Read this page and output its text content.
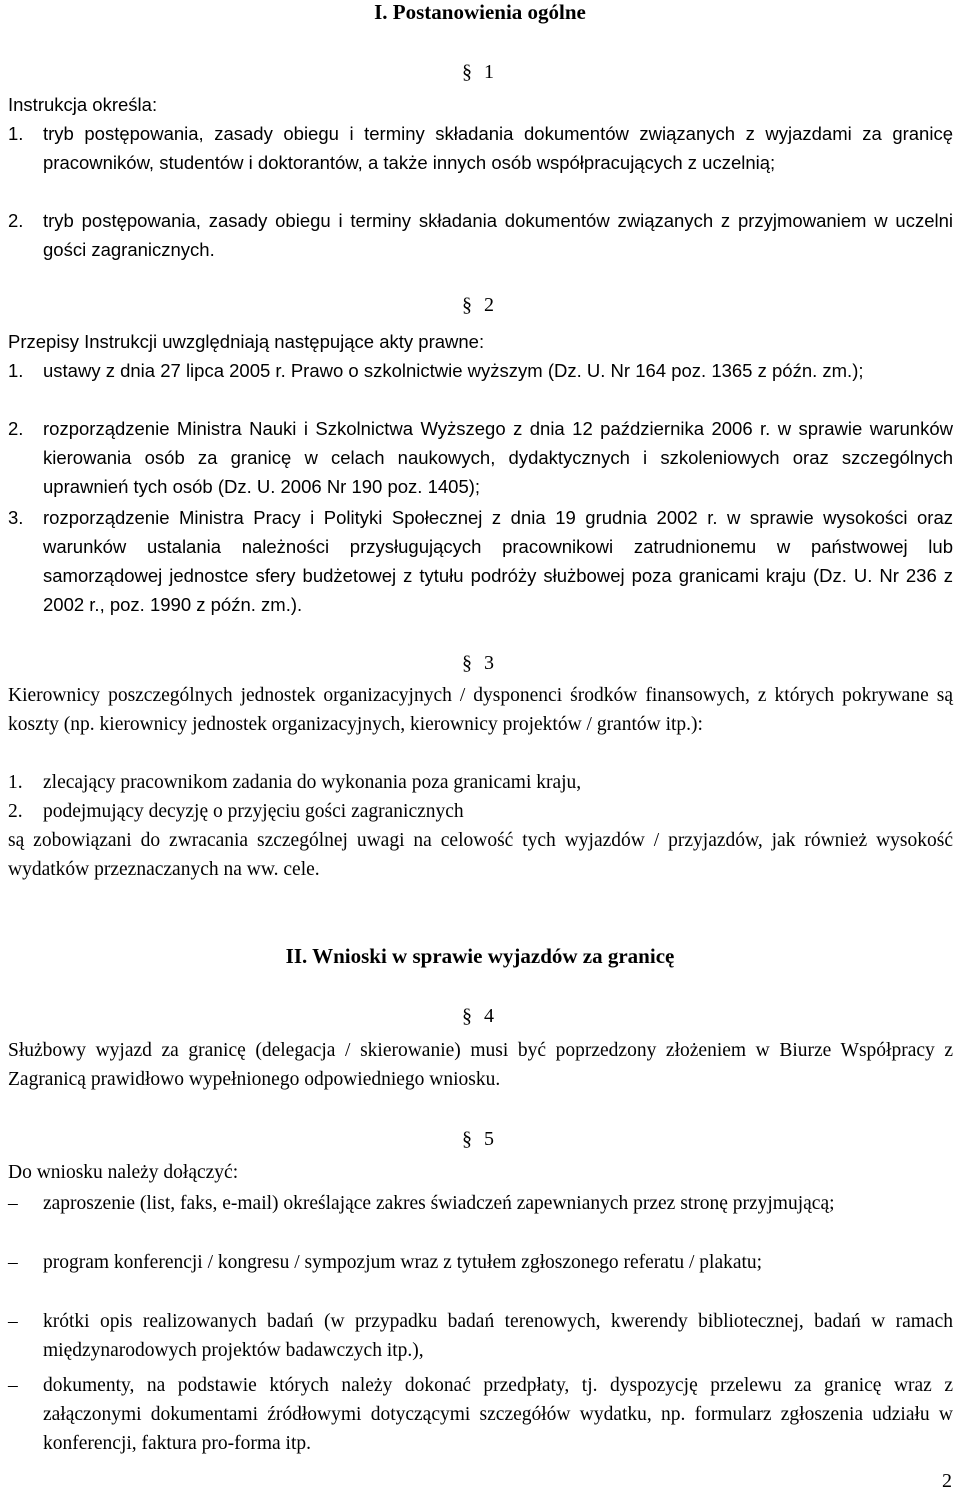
I. Postanowienia ogólne
§ 1

Instrukcja określa:

1. tryb postępowania, zasady obiegu i terminy składania dokumentów związanych z wyjazdami za granicę pracowników, studentów i doktorantów, a także innych osób współpracujących z uczelnią;
2. tryb postępowania, zasady obiegu i terminy składania dokumentów związanych z przyjmowaniem w uczelni gości zagranicznych.
§ 2

Przepisy Instrukcji uwzględniają następujące akty prawne:

1. ustawy z dnia 27 lipca 2005 r. Prawo o szkolnictwie wyższym (Dz. U. Nr 164 poz. 1365 z późn. zm.);
2. rozporządzenie Ministra Nauki i Szkolnictwa Wyższego z dnia 12 października 2006 r. w sprawie warunków kierowania osób za granicę w celach naukowych, dydaktycznych i szkoleniowych oraz szczególnych uprawnień tych osób (Dz. U. 2006 Nr 190 poz. 1405);
3. rozporządzenie Ministra Pracy i Polityki Społecznej z dnia 19 grudnia 2002 r. w sprawie wysokości oraz warunków ustalania należności przysługujących pracownikowi zatrudnionemu w państwowej lub samorządowej jednostce sfery budżetowej z tytułu podróży służbowej poza granicami kraju (Dz. U. Nr 236 z 2002 r., poz. 1990 z późn. zm.).
§ 3

Kierownicy poszczególnych jednostek organizacyjnych / dysponenci środków finansowych, z których pokrywane są koszty (np. kierownicy jednostek organizacyjnych, kierownicy projektów / grantów itp.):

1. zlecający pracownikom zadania do wykonania poza granicami kraju,
2. podejmujący decyzję o przyjęciu gości zagranicznych

są zobowiązani do zwracania szczególnej uwagi na celowość tych wyjazdów / przyjazdów, jak również wysokość wydatków przeznaczanych na ww. cele.

II. Wnioski w sprawie wyjazdów za granicę
§ 4

Służbowy wyjazd za granicę (delegacja / skierowanie) musi być poprzedzony złożeniem w Biurze Współpracy z Zagranicą prawidłowo wypełnionego odpowiedniego wniosku.

§ 5

Do wniosku należy dołączyć:

– zaproszenie (list, faks, e-mail) określające zakres świadczeń zapewnianych przez stronę przyjmującą;
– program konferencji / kongresu / sympozjum wraz z tytułem zgłoszonego referatu / plakatu;
– krótki opis realizowanych badań (w przypadku badań terenowych, kwerendy bibliotecznej, badań w ramach międzynarodowych projektów badawczych itp.),
– dokumenty, na podstawie których należy dokonać przedpłaty, tj. dyspozycję przelewu za granicę wraz z załączonymi dokumentami źródłowymi dotyczącymi szczegółów wydatku, np. formularz zgłoszenia udziału w konferencji, faktura pro-forma itp.
2
